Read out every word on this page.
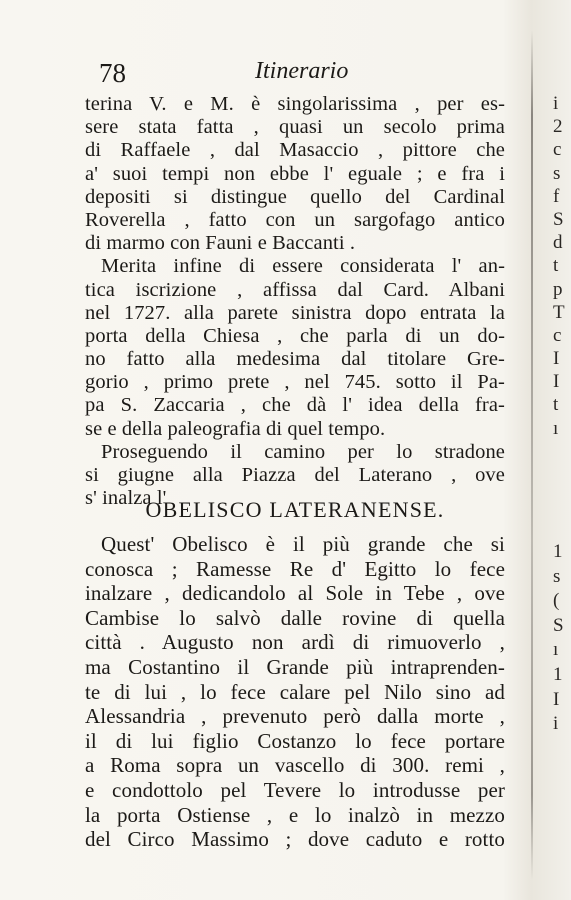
78	Itinerario
terina V. e M. è singolarissima , per es-
sere stata fatta , quasi un secolo prima
di Raffaele , dal Masaccio , pittore che
a' suoi tempi non ebbe l' eguale ; e fra i
depositi si distingue quello del Cardinal
Roverella , fatto con un sargofago antico
di marmo con Fauni e Baccanti .
Merita infine di essere considerata l' an-
tica iscrizione , affissa dal Card. Albani
nel 1727. alla parete sinistra dopo entrata la
porta della Chiesa , che parla di un do-
no fatto alla medesima dal titolare Gre-
gorio , primo prete , nel 745. sotto il Pa-
pa S. Zaccaria , che dà l' idea della fra-
se e della paleografia di quel tempo.
Proseguendo il camino per lo stradone
si giugne alla Piazza del Laterano , ove
s' inalza l'
OBELISCO LATERANENSE.
Quest' Obelisco è il più grande che si
conosca ; Ramesse Re d' Egitto lo fece
inalzare , dedicandolo al Sole in Tebe , ove
Cambise lo salvò dalle rovine di quella
città . Augusto non ardì di rimuoverlo ,
ma Costantino il Grande più intraprenden-
te di lui , lo fece calare pel Nilo sino ad
Alessandria , prevenuto però dalla morte ,
il di lui figlio Costanzo lo fece portare
a Roma sopra un vascello di 300. remi ,
e condottolo pel Tevere lo introdusse per
la porta Ostiense , e lo inalzò in mezzo
del Circo Massimo ; dove caduto e rotto
i
2
c
s
f
S
d
t
p
T
c
I
I
t
ı
1
s
(
S
ı
1
I
i
